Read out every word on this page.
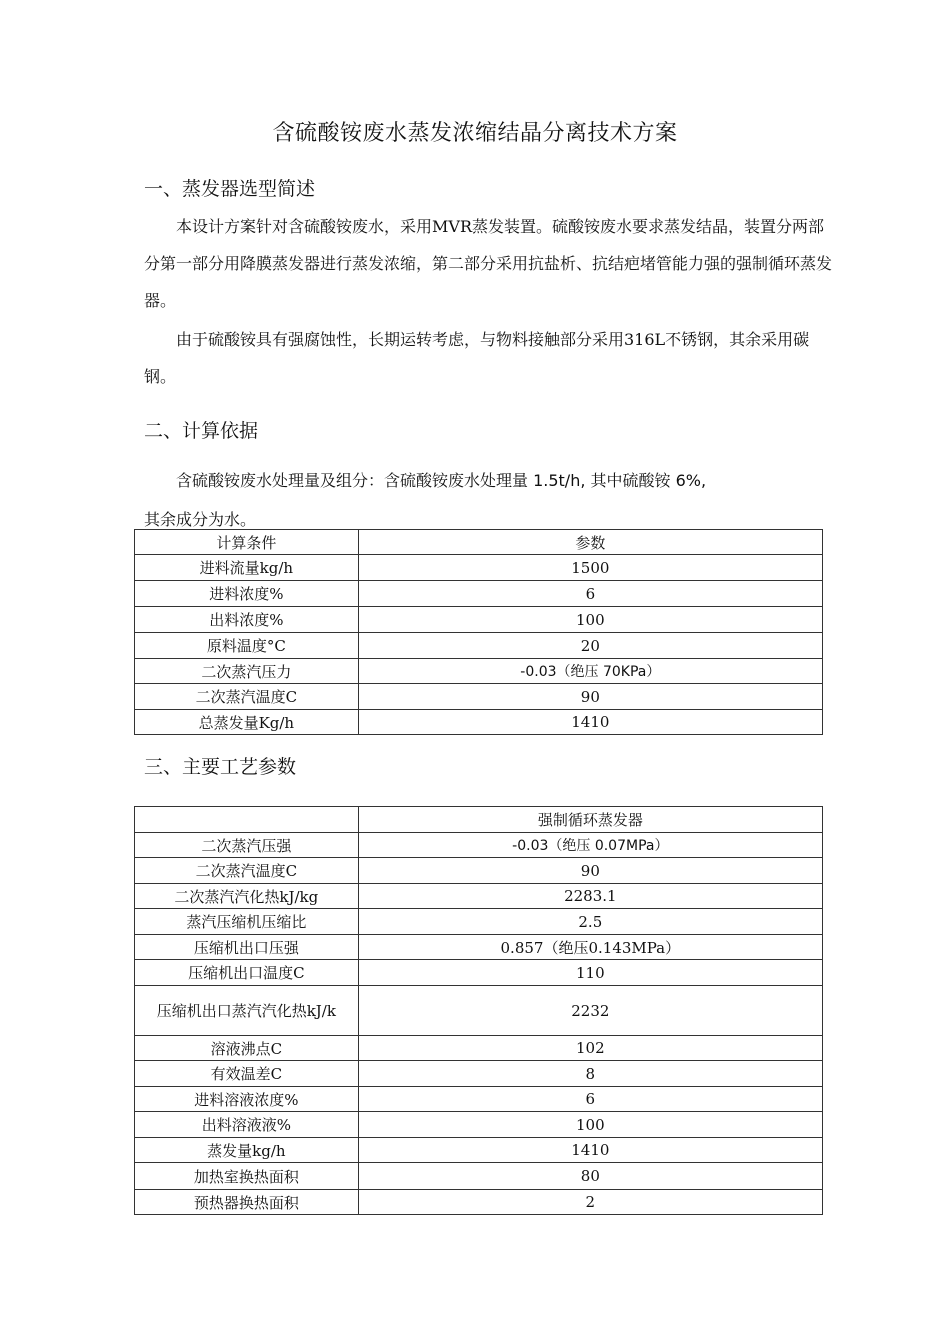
含硫酸铵废水蒸发浓缩结晶分离技术方案
一、蒸发器选型简述
本设计方案针对含硫酸铵废水，采用MVR蒸发装置。硫酸铵废水要求蒸发结晶，装置分两部分第一部分用降膜蒸发器进行蒸发浓缩，第二部分采用抗盐析、抗结疤堵管能力强的强制循环蒸发器。
由于硫酸铵具有强腐蚀性，长期运转考虑，与物料接触部分采用316L不锈钢，其余采用碳钢。
二、计算依据
含硫酸铵废水处理量及组分：含硫酸铵废水处理量 1.5t/h, 其中硫酸铵 6%,
其余成分为水。
计算条件	参数
进料流量kg/h	1500
进料浓度%	6
出料浓度%	100
原料温度°C	20
二次蒸汽压力	-0.03（绝压 70KPa）
二次蒸汽温度C	90
总蒸发量Kg/h	1410
三、主要工艺参数
	强制循环蒸发器
二次蒸汽压强	-0.03（绝压 0.07MPa）
二次蒸汽温度C	90
二次蒸汽汽化热kJ/kg	2283.1
蒸汽压缩机压缩比	2.5
压缩机出口压强	0.857（绝压0.143MPa）
压缩机出口温度C	110
压缩机出口蒸汽汽化热kJ/k	2232
溶液沸点C	102
有效温差C	8
进料溶液浓度%	6
出料溶液液%	100
蒸发量kg/h	1410
加热室换热面积	80
预热器换热面积	2
